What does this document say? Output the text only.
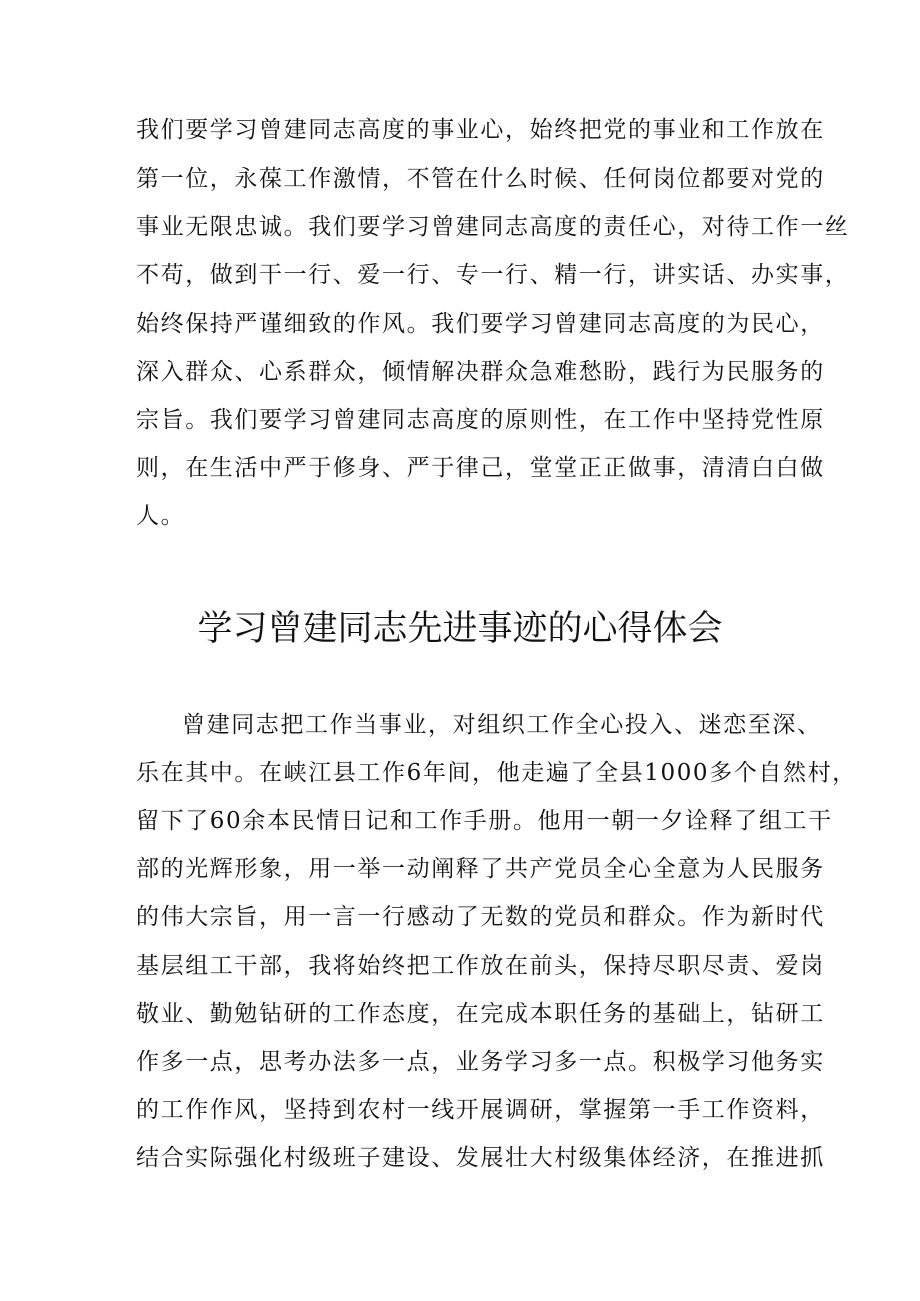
我们要学习曾建同志高度的事业心，始终把党的事业和工作放在

第一位，永葆工作激情，不管在什么时候、任何岗位都要对党的

事业无限忠诚。我们要学习曾建同志高度的责任心，对待工作一丝

不苟，做到干一行、爱一行、专一行、精一行，讲实话、办实事，

始终保持严谨细致的作风。我们要学习曾建同志高度的为民心，

深入群众、心系群众，倾情解决群众急难愁盼，践行为民服务的

宗旨。我们要学习曾建同志高度的原则性，在工作中坚持党性原

则，在生活中严于修身、严于律己，堂堂正正做事，清清白白做

人。

学习曾建同志先进事迹的心得体会

曾建同志把工作当事业，对组织工作全心投入、迷恋至深、

乐在其中。在峡江县工作6年间，他走遍了全县1000多个自然村，

留下了60余本民情日记和工作手册。他用一朝一夕诠释了组工干

部的光辉形象，用一举一动阐释了共产党员全心全意为人民服务

的伟大宗旨，用一言一行感动了无数的党员和群众。作为新时代

基层组工干部，我将始终把工作放在前头，保持尽职尽责、爱岗

敬业、勤勉钻研的工作态度，在完成本职任务的基础上，钻研工

作多一点，思考办法多一点，业务学习多一点。积极学习他务实

的工作作风，坚持到农村一线开展调研，掌握第一手工作资料，

结合实际强化村级班子建设、发展壮大村级集体经济，在推进抓
